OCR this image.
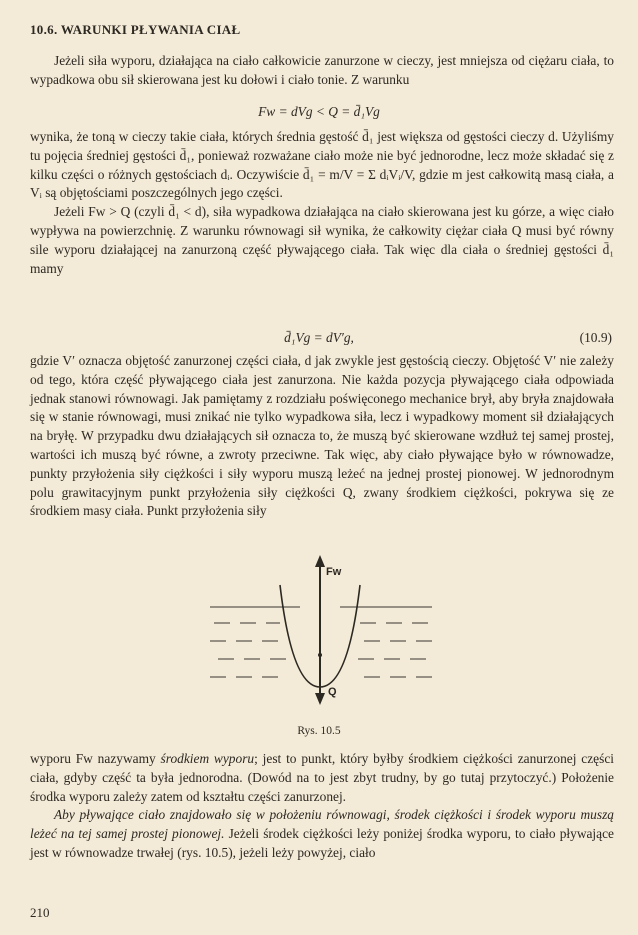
10.6. WARUNKI PŁYWANIA CIAŁ

Jeżeli siła wyporu, działająca na ciało całkowicie zanurzone w cieczy, jest mniejsza od ciężaru ciała, to wypadkowa obu sił skierowana jest ku dołowi i ciało tonie. Z warunku

Fw = dVg < Q = d̄₁Vg

wynika, że toną w cieczy takie ciała, których średnia gęstość d̄₁ jest większa od gęstości cieczy d. Użyliśmy tu pojęcia średniej gęstości d̄₁, ponieważ rozważane ciało może nie być jednorodne, lecz może składać się z kilku części o różnych gęstościach dᵢ. Oczywiście d̄₁ = m/V = Σ dᵢVᵢ/V, gdzie m jest całkowitą masą ciała, a Vᵢ są objętościami poszczególnych jego części.

Jeżeli Fw > Q (czyli d̄₁ < d), siła wypadkowa działająca na ciało skierowana jest ku górze, a więc ciało wypływa na powierzchnię. Z warunku równowagi sił wynika, że całkowity ciężar ciała Q musi być równy sile wyporu działającej na zanurzoną część pływającego ciała. Tak więc dla ciała o średniej gęstości d̄₁ mamy

d̄₁Vg = dV′g,	(10.9)

gdzie V′ oznacza objętość zanurzonej części ciała, d jak zwykle jest gęstością cieczy. Objętość V′ nie zależy od tego, która część pływającego ciała jest zanurzona. Nie każda pozycja pływającego ciała odpowiada jednak stanowi równowagi. Jak pamiętamy z rozdziału poświęconego mechanice brył, aby bryła znajdowała się w stanie równowagi, musi znikać nie tylko wypadkowa siła, lecz i wypadkowy moment sił działających na bryłę. W przypadku dwu działających sił oznacza to, że muszą być skierowane wzdłuż tej samej prostej, wartości ich muszą być równe, a zwroty przeciwne. Tak więc, aby ciało pływające było w równowadze, punkty przyłożenia siły ciężkości i siły wyporu muszą leżeć na jednej prostej pionowej. W jednorodnym polu grawitacyjnym punkt przyłożenia siły ciężkości Q, zwany środkiem ciężkości, pokrywa się ze środkiem masy ciała. Punkt przyłożenia siły

Fw
Q
Rys. 10.5

wyporu Fw nazywamy środkiem wyporu; jest to punkt, który byłby środkiem ciężkości zanurzonej części ciała, gdyby część ta była jednorodna. (Dowód na to jest zbyt trudny, by go tutaj przytoczyć.) Położenie środka wyporu zależy zatem od kształtu części zanurzonej.

Aby pływające ciało znajdowało się w położeniu równowagi, środek ciężkości i środek wyporu muszą leżeć na tej samej prostej pionowej. Jeżeli środek ciężkości leży poniżej środka wyporu, to ciało pływające jest w równowadze trwałej (rys. 10.5), jeżeli leży powyżej, ciało

210
